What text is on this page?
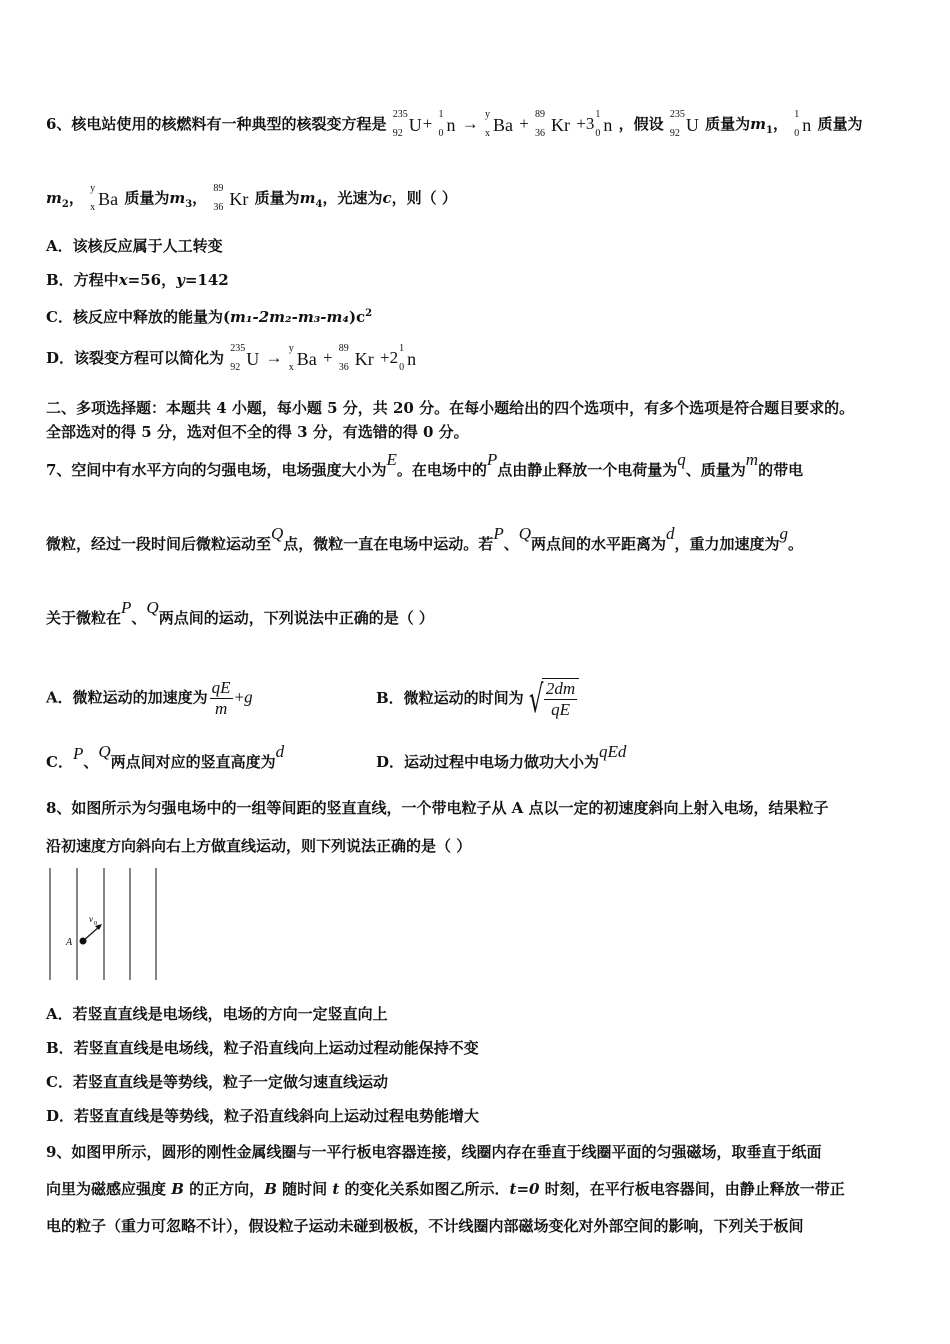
6、核电站使用的核燃料有一种典型的核裂变方程是
235
92 U+ 1
0 n → y
x Ba + 89
36 Kr +3 1
0 n ，假设
235
92 U 质量为$m_1$，
1
0 n 质量为
$m_2$，
y
x Ba 质量为$m_3$，
89
36 Kr 质量为$m_4$，光速为c，则（ ）
A．该核反应属于人工转变
B．方程中x=56，y=142
C．核反应中释放的能量为$(m_1-2m_2-m_3-m_4)c^2$
D．该裂变方程可以简化为
235
92 U → y
x Ba + 89
36 Kr +2 1
0 n
二、多项选择题：本题共 4 小题，每小题 5 分，共 20 分。在每小题给出的四个选项中，有多个选项是符合题目要求的。
全部选对的得 5 分，选对但不全的得 3 分，有选错的得 0 分。
7、空间中有水平方向的匀强电场，电场强度大小为E。在电场中的P点由静止释放一个电荷量为q、质量为m的带电
微粒，经过一段时间后微粒运动至Q点，微粒一直在电场中运动。若P、Q两点间的水平距离为d，重力加速度为g。
关于微粒在P、Q两点间的运动，下列说法中正确的是（ ）
A．微粒运动的加速度为 $\frac{qE}{m} +g$	B．微粒运动的时间为 √ $\frac{2dm}{qE}$
C．P、Q两点间对应的竖直高度为d
D．运动过程中电场力做功大小为qEd
8、如图所示为匀强电场中的一组等间距的竖直直线，一个带电粒子从 A 点以一定的初速度斜向上射入电场，结果粒子
沿初速度方向斜向右上方做直线运动，则下列说法正确的是（ ）
A
v 0
A．若竖直直线是电场线，电场的方向一定竖直向上
B．若竖直直线是电场线，粒子沿直线向上运动过程动能保持不变
C．若竖直直线是等势线，粒子一定做匀速直线运动
D．若竖直直线是等势线，粒子沿直线斜向上运动过程电势能增大
9、如图甲所示，圆形的刚性金属线圈与一平行板电容器连接，线圈内存在垂直于线圈平面的匀强磁场，取垂直于纸面
向里为磁感应强度 B 的正方向，B 随时间 t 的变化关系如图乙所示．t=0 时刻，在平行板电容器间，由静止释放一带正
电的粒子（重力可忽略不计），假设粒子运动未碰到极板，不计线圈内部磁场变化对外部空间的影响，下列关于板间
